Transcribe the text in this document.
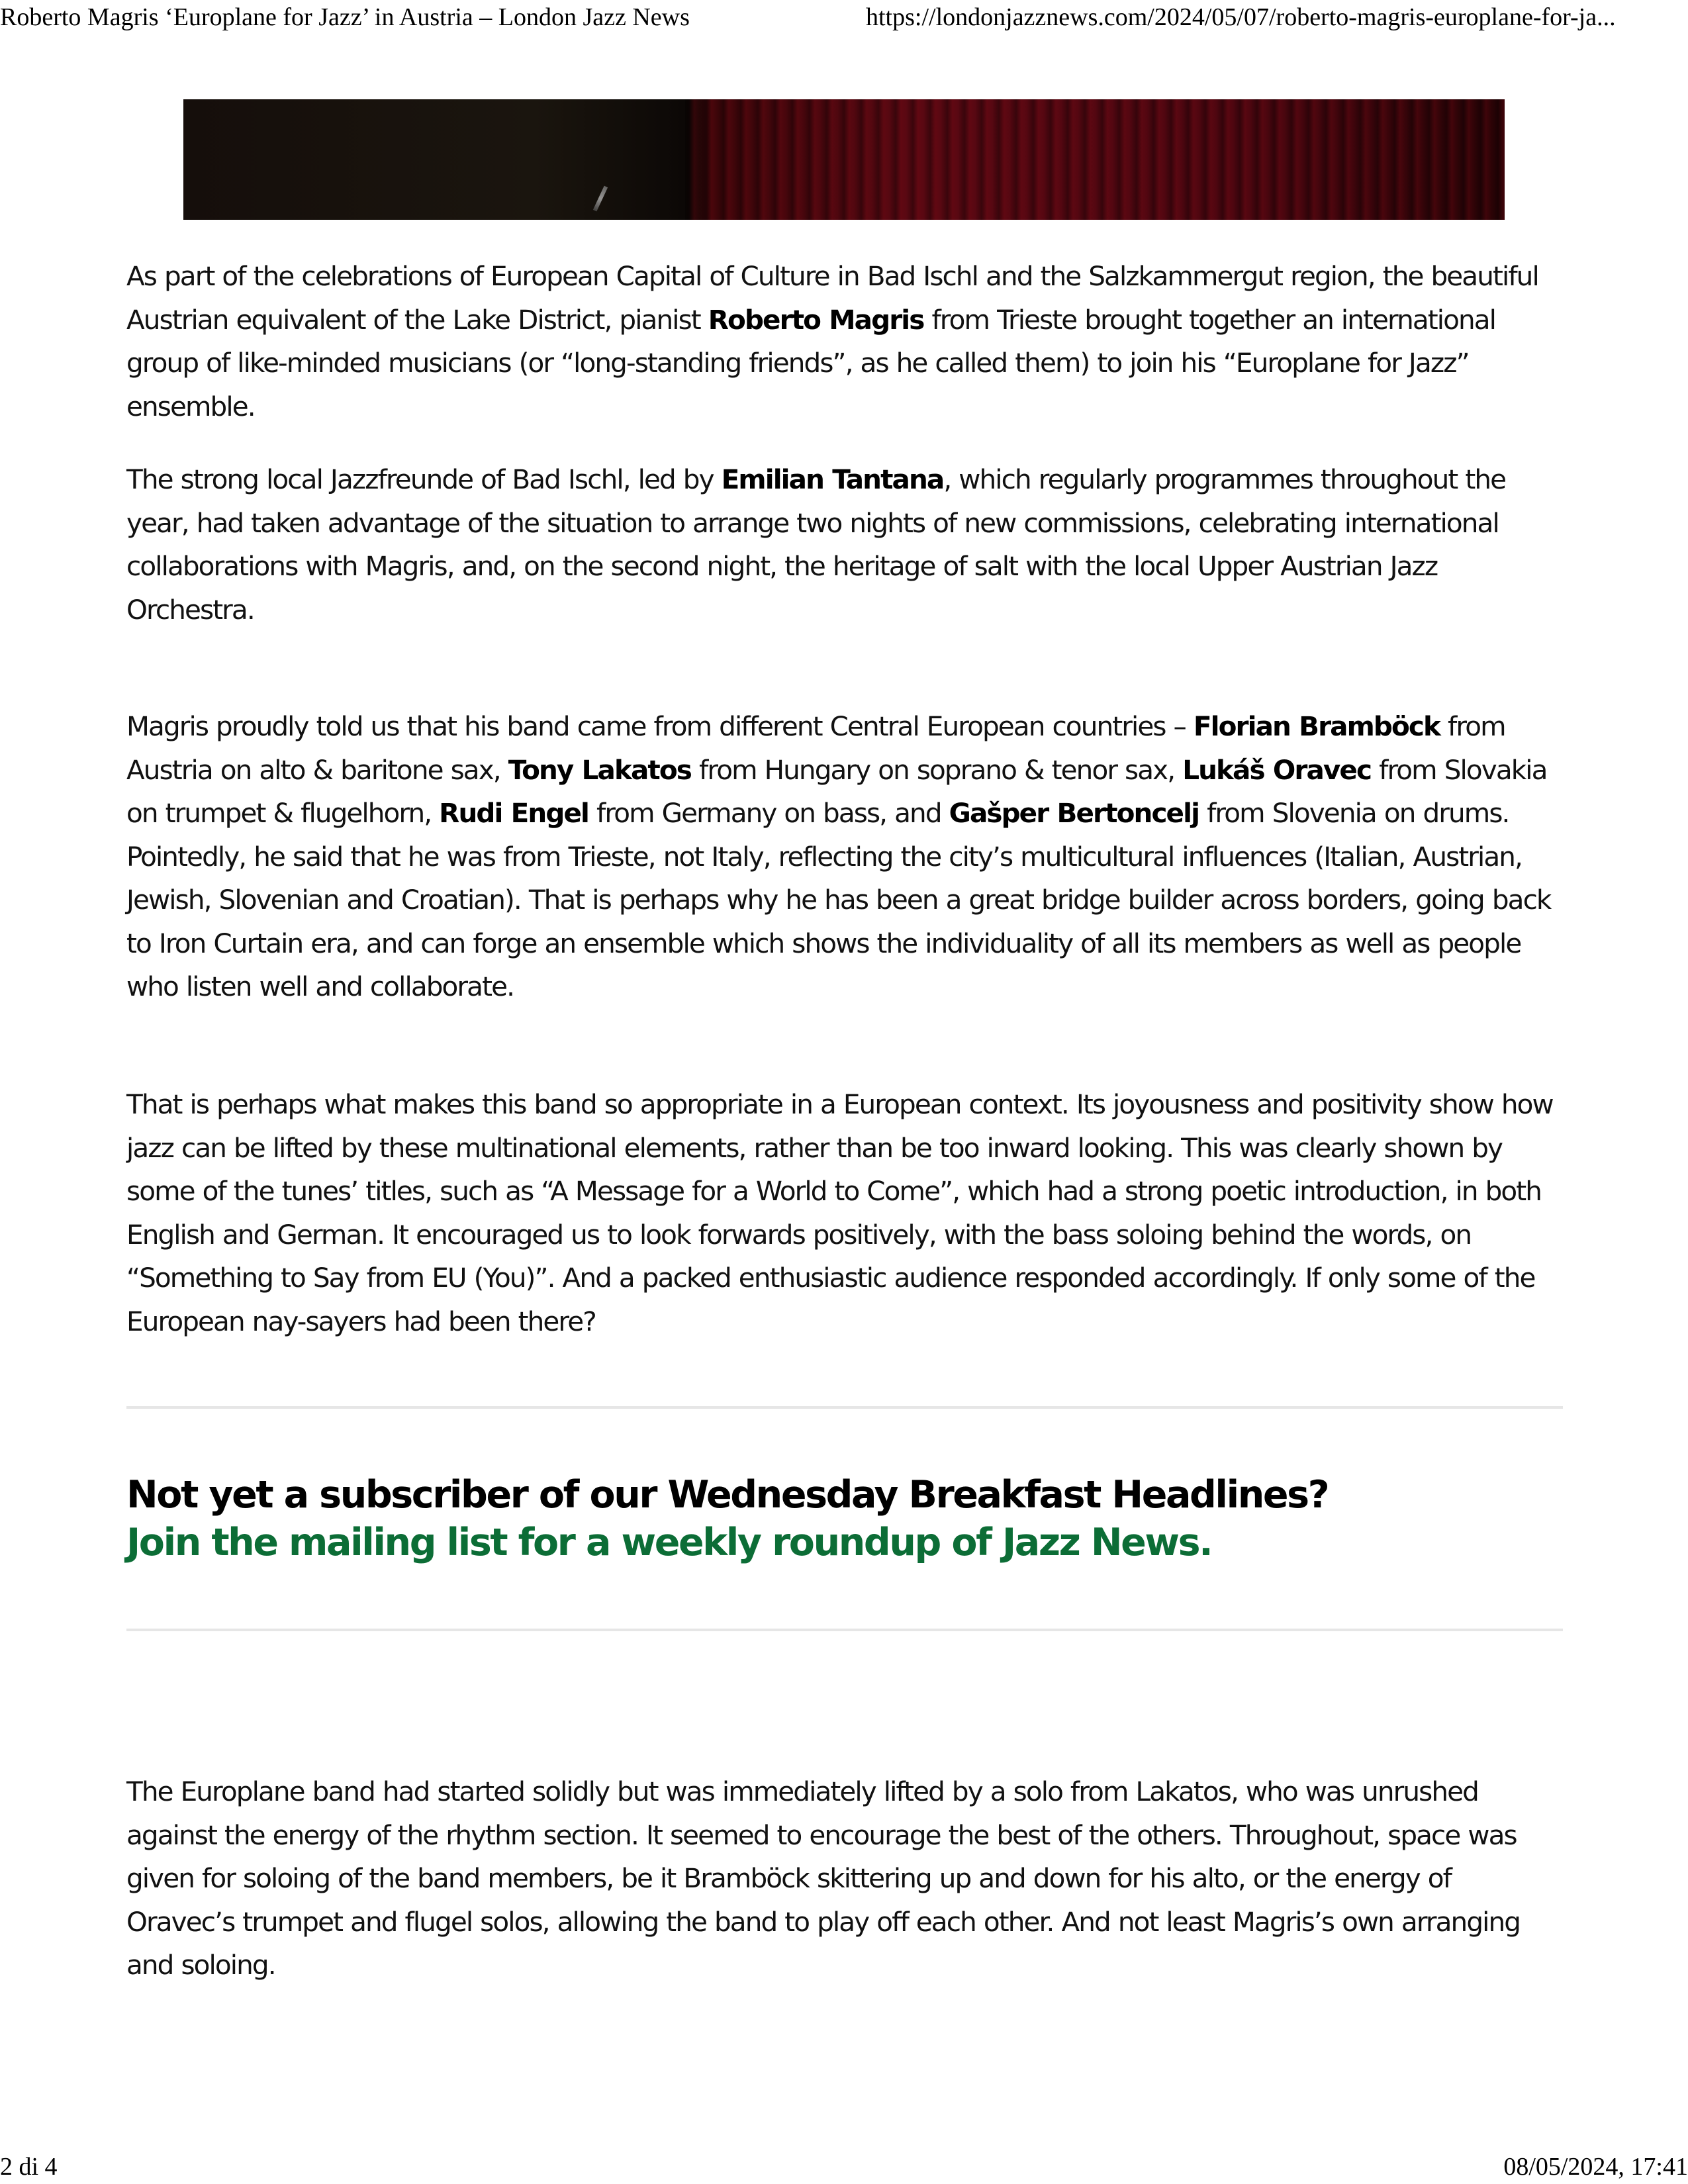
Roberto Magris ‘Europlane for Jazz’ in Austria – London Jazz News	https://londonjazznews.com/2024/05/07/roberto-magris-europlane-for-ja...

As part of the celebrations of European Capital of Culture in Bad Ischl and the Salzkammergut region, the beautiful Austrian equivalent of the Lake District, pianist Roberto Magris from Trieste brought together an international group of like-minded musicians (or “long-standing friends”, as he called them) to join his “Europlane for Jazz” ensemble.

The strong local Jazzfreunde of Bad Ischl, led by Emilian Tantana, which regularly programmes throughout the year, had taken advantage of the situation to arrange two nights of new commissions, celebrating international collaborations with Magris, and, on the second night, the heritage of salt with the local Upper Austrian Jazz Orchestra.

Magris proudly told us that his band came from different Central European countries – Florian Bramböck from Austria on alto & baritone sax, Tony Lakatos from Hungary on soprano & tenor sax, Lukáš Oravec from Slovakia on trumpet & flugelhorn, Rudi Engel from Germany on bass, and Gašper Bertoncelj from Slovenia on drums. Pointedly, he said that he was from Trieste, not Italy, reflecting the city’s multicultural influences (Italian, Austrian, Jewish, Slovenian and Croatian). That is perhaps why he has been a great bridge builder across borders, going back to Iron Curtain era, and can forge an ensemble which shows the individuality of all its members as well as people who listen well and collaborate.

That is perhaps what makes this band so appropriate in a European context. Its joyousness and positivity show how jazz can be lifted by these multinational elements, rather than be too inward looking. This was clearly shown by some of the tunes’ titles, such as “A Message for a World to Come”, which had a strong poetic introduction, in both English and German. It encouraged us to look forwards positively, with the bass soloing behind the words, on “Something to Say from EU (You)”. And a packed enthusiastic audience responded accordingly. If only some of the European nay-sayers had been there?

The Europlane band had started solidly but was immediately lifted by a solo from Lakatos, who was unrushed against the energy of the rhythm section. It seemed to encourage the best of the others. Throughout, space was given for soloing of the band members, be it Bramböck skittering up and down for his alto, or the energy of Oravec’s trumpet and flugel solos, allowing the band to play off each other. And not least Magris’s own arranging and soloing.

Not yet a subscriber of our Wednesday Breakfast Headlines?
Join the mailing list for a weekly roundup of Jazz News.
2 di 4	08/05/2024, 17:41
